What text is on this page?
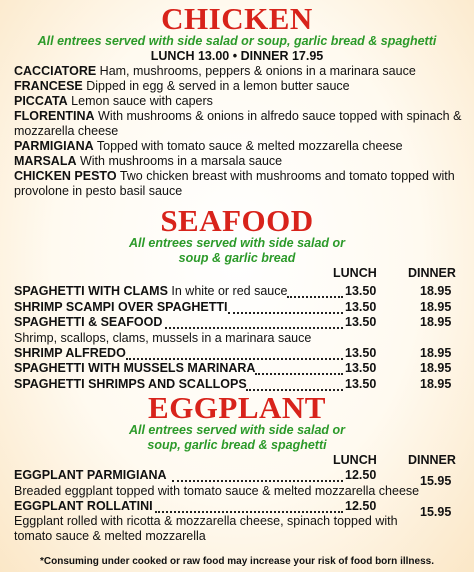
CHICKEN

All entrees served with side salad or soup, garlic bread & spaghetti

LUNCH 13.00 • DINNER 17.95
CACCIATORE Ham, mushrooms, peppers & onions in a marinara sauce
FRANCESE Dipped in egg & served in a lemon butter sauce
PICCATA Lemon sauce with capers
FLORENTINA With mushrooms & onions in alfredo sauce topped with spinach & mozzarella cheese
PARMIGIANA Topped with tomato sauce & melted mozzarella cheese
MARSALA With mushrooms in a marsala sauce
CHICKEN PESTO Two chicken breast with mushrooms and tomato topped with provolone in pesto basil sauce
SEAFOOD

All entrees served with side salad or

soup & garlic bread

LUNCH	DINNER
SPAGHETTI WITH CLAMS In white or red sauce	13.50	18.95
SHRIMP SCAMPI OVER SPAGHETTI	13.50	18.95
SPAGHETTI & SEAFOOD	13.50	18.95
Shrimp, scallops, clams, mussels in a marinara sauce
SHRIMP ALFREDO	13.50	18.95
SPAGHETTI WITH MUSSELS MARINARA	13.50	18.95
SPAGHETTI SHRIMPS AND SCALLOPS	13.50	18.95
EGGPLANT

All entrees served with side salad or

soup, garlic bread & spaghetti

LUNCH	DINNER
EGGPLANT PARMIGIANA	12.50	15.95
Breaded eggplant topped with tomato sauce & melted mozzarella cheese
EGGPLANT ROLLATINI	12.50	15.95
Eggplant rolled with ricotta & mozzarella cheese, spinach topped with tomato sauce & melted mozzarella
*Consuming under cooked or raw food may increase your risk of food born illness.
